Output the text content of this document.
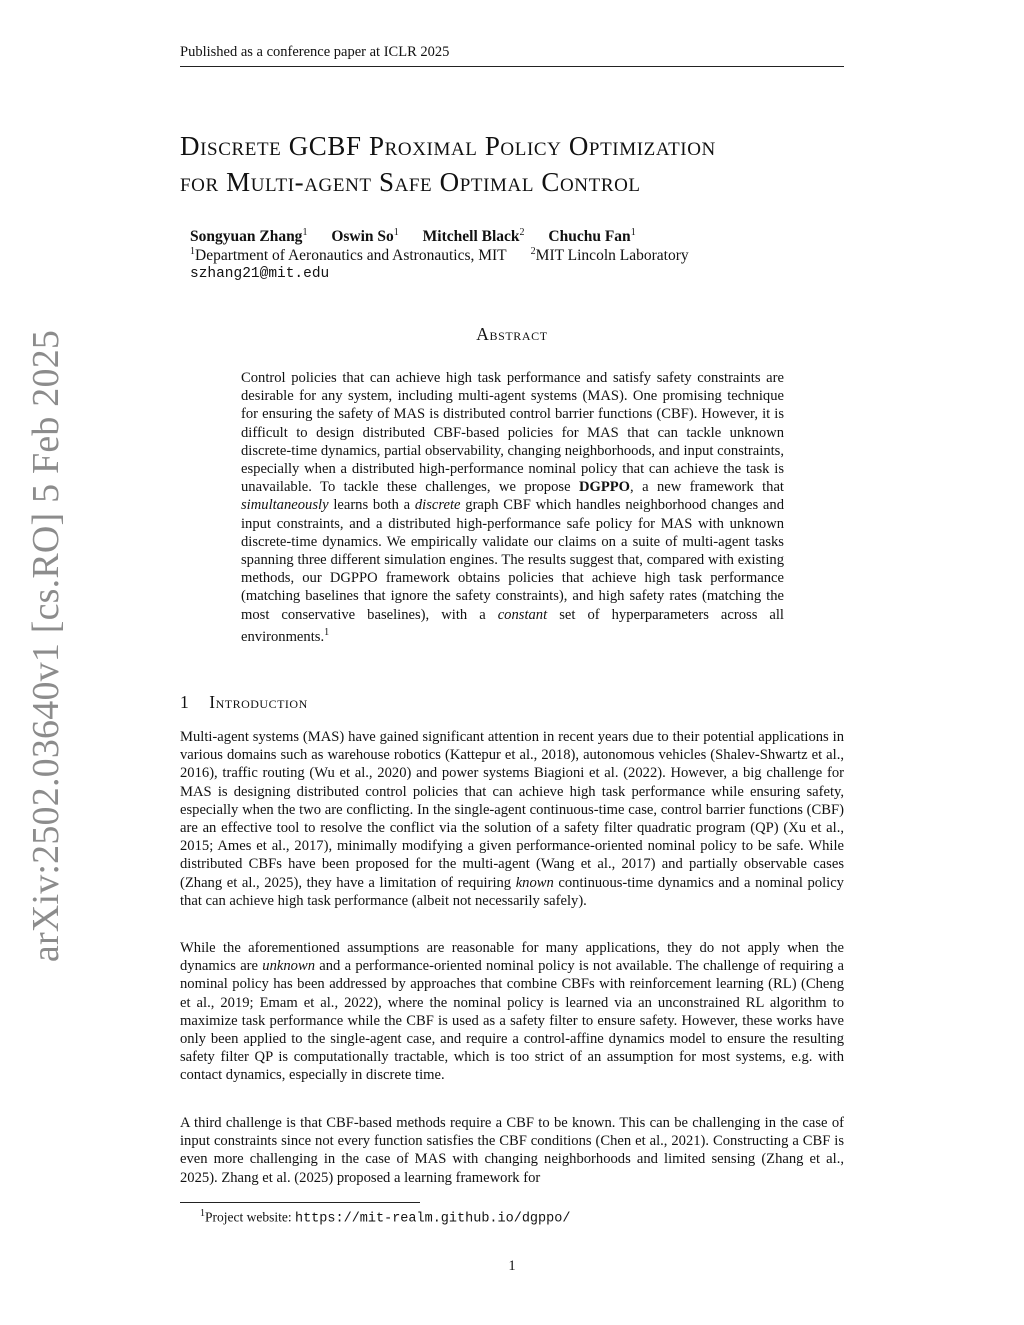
Published as a conference paper at ICLR 2025
arXiv:2502.03640v1 [cs.RO] 5 Feb 2025
Discrete GCBF Proximal Policy Optimization
for Multi-agent Safe Optimal Control
Songyuan Zhang$^1$ Oswin So$^1$ Mitchell Black$^2$ Chuchu Fan$^1$
$^1$Department of Aeronautics and Astronautics, MIT $^2$MIT Lincoln Laboratory
szhang21@mit.edu
Abstract
Control policies that can achieve high task performance and satisfy safety constraints are desirable for any system, including multi-agent systems (MAS). One promising technique for ensuring the safety of MAS is distributed control barrier functions (CBF). However, it is difficult to design distributed CBF-based policies for MAS that can tackle unknown discrete-time dynamics, partial observability, changing neighborhoods, and input constraints, especially when a distributed high-performance nominal policy that can achieve the task is unavailable. To tackle these challenges, we propose DGPPO, a new framework that simultaneously learns both a discrete graph CBF which handles neighborhood changes and input constraints, and a distributed high-performance safe policy for MAS with unknown discrete-time dynamics. We empirically validate our claims on a suite of multi-agent tasks spanning three different simulation engines. The results suggest that, compared with existing methods, our DGPPO framework obtains policies that achieve high task performance (matching baselines that ignore the safety constraints), and high safety rates (matching the most conservative baselines), with a constant set of hyperparameters across all environments.$^1$
1 Introduction
Multi-agent systems (MAS) have gained significant attention in recent years due to their potential applications in various domains such as warehouse robotics (Kattepur et al., 2018), autonomous vehicles (Shalev-Shwartz et al., 2016), traffic routing (Wu et al., 2020) and power systems Biagioni et al. (2022). However, a big challenge for MAS is designing distributed control policies that can achieve high task performance while ensuring safety, especially when the two are conflicting. In the single-agent continuous-time case, control barrier functions (CBF) are an effective tool to resolve the conflict via the solution of a safety filter quadratic program (QP) (Xu et al., 2015; Ames et al., 2017), minimally modifying a given performance-oriented nominal policy to be safe. While distributed CBFs have been proposed for the multi-agent (Wang et al., 2017) and partially observable cases (Zhang et al., 2025), they have a limitation of requiring known continuous-time dynamics and a nominal policy that can achieve high task performance (albeit not necessarily safely).
While the aforementioned assumptions are reasonable for many applications, they do not apply when the dynamics are unknown and a performance-oriented nominal policy is not available. The challenge of requiring a nominal policy has been addressed by approaches that combine CBFs with reinforcement learning (RL) (Cheng et al., 2019; Emam et al., 2022), where the nominal policy is learned via an unconstrained RL algorithm to maximize task performance while the CBF is used as a safety filter to ensure safety. However, these works have only been applied to the single-agent case, and require a control-affine dynamics model to ensure the resulting safety filter QP is computationally tractable, which is too strict of an assumption for most systems, e.g. with contact dynamics, especially in discrete time.
A third challenge is that CBF-based methods require a CBF to be known. This can be challenging in the case of input constraints since not every function satisfies the CBF conditions (Chen et al., 2021). Constructing a CBF is even more challenging in the case of MAS with changing neighborhoods and limited sensing (Zhang et al., 2025). Zhang et al. (2025) proposed a learning framework for
$^1$Project website: https://mit-realm.github.io/dgppo/
1
